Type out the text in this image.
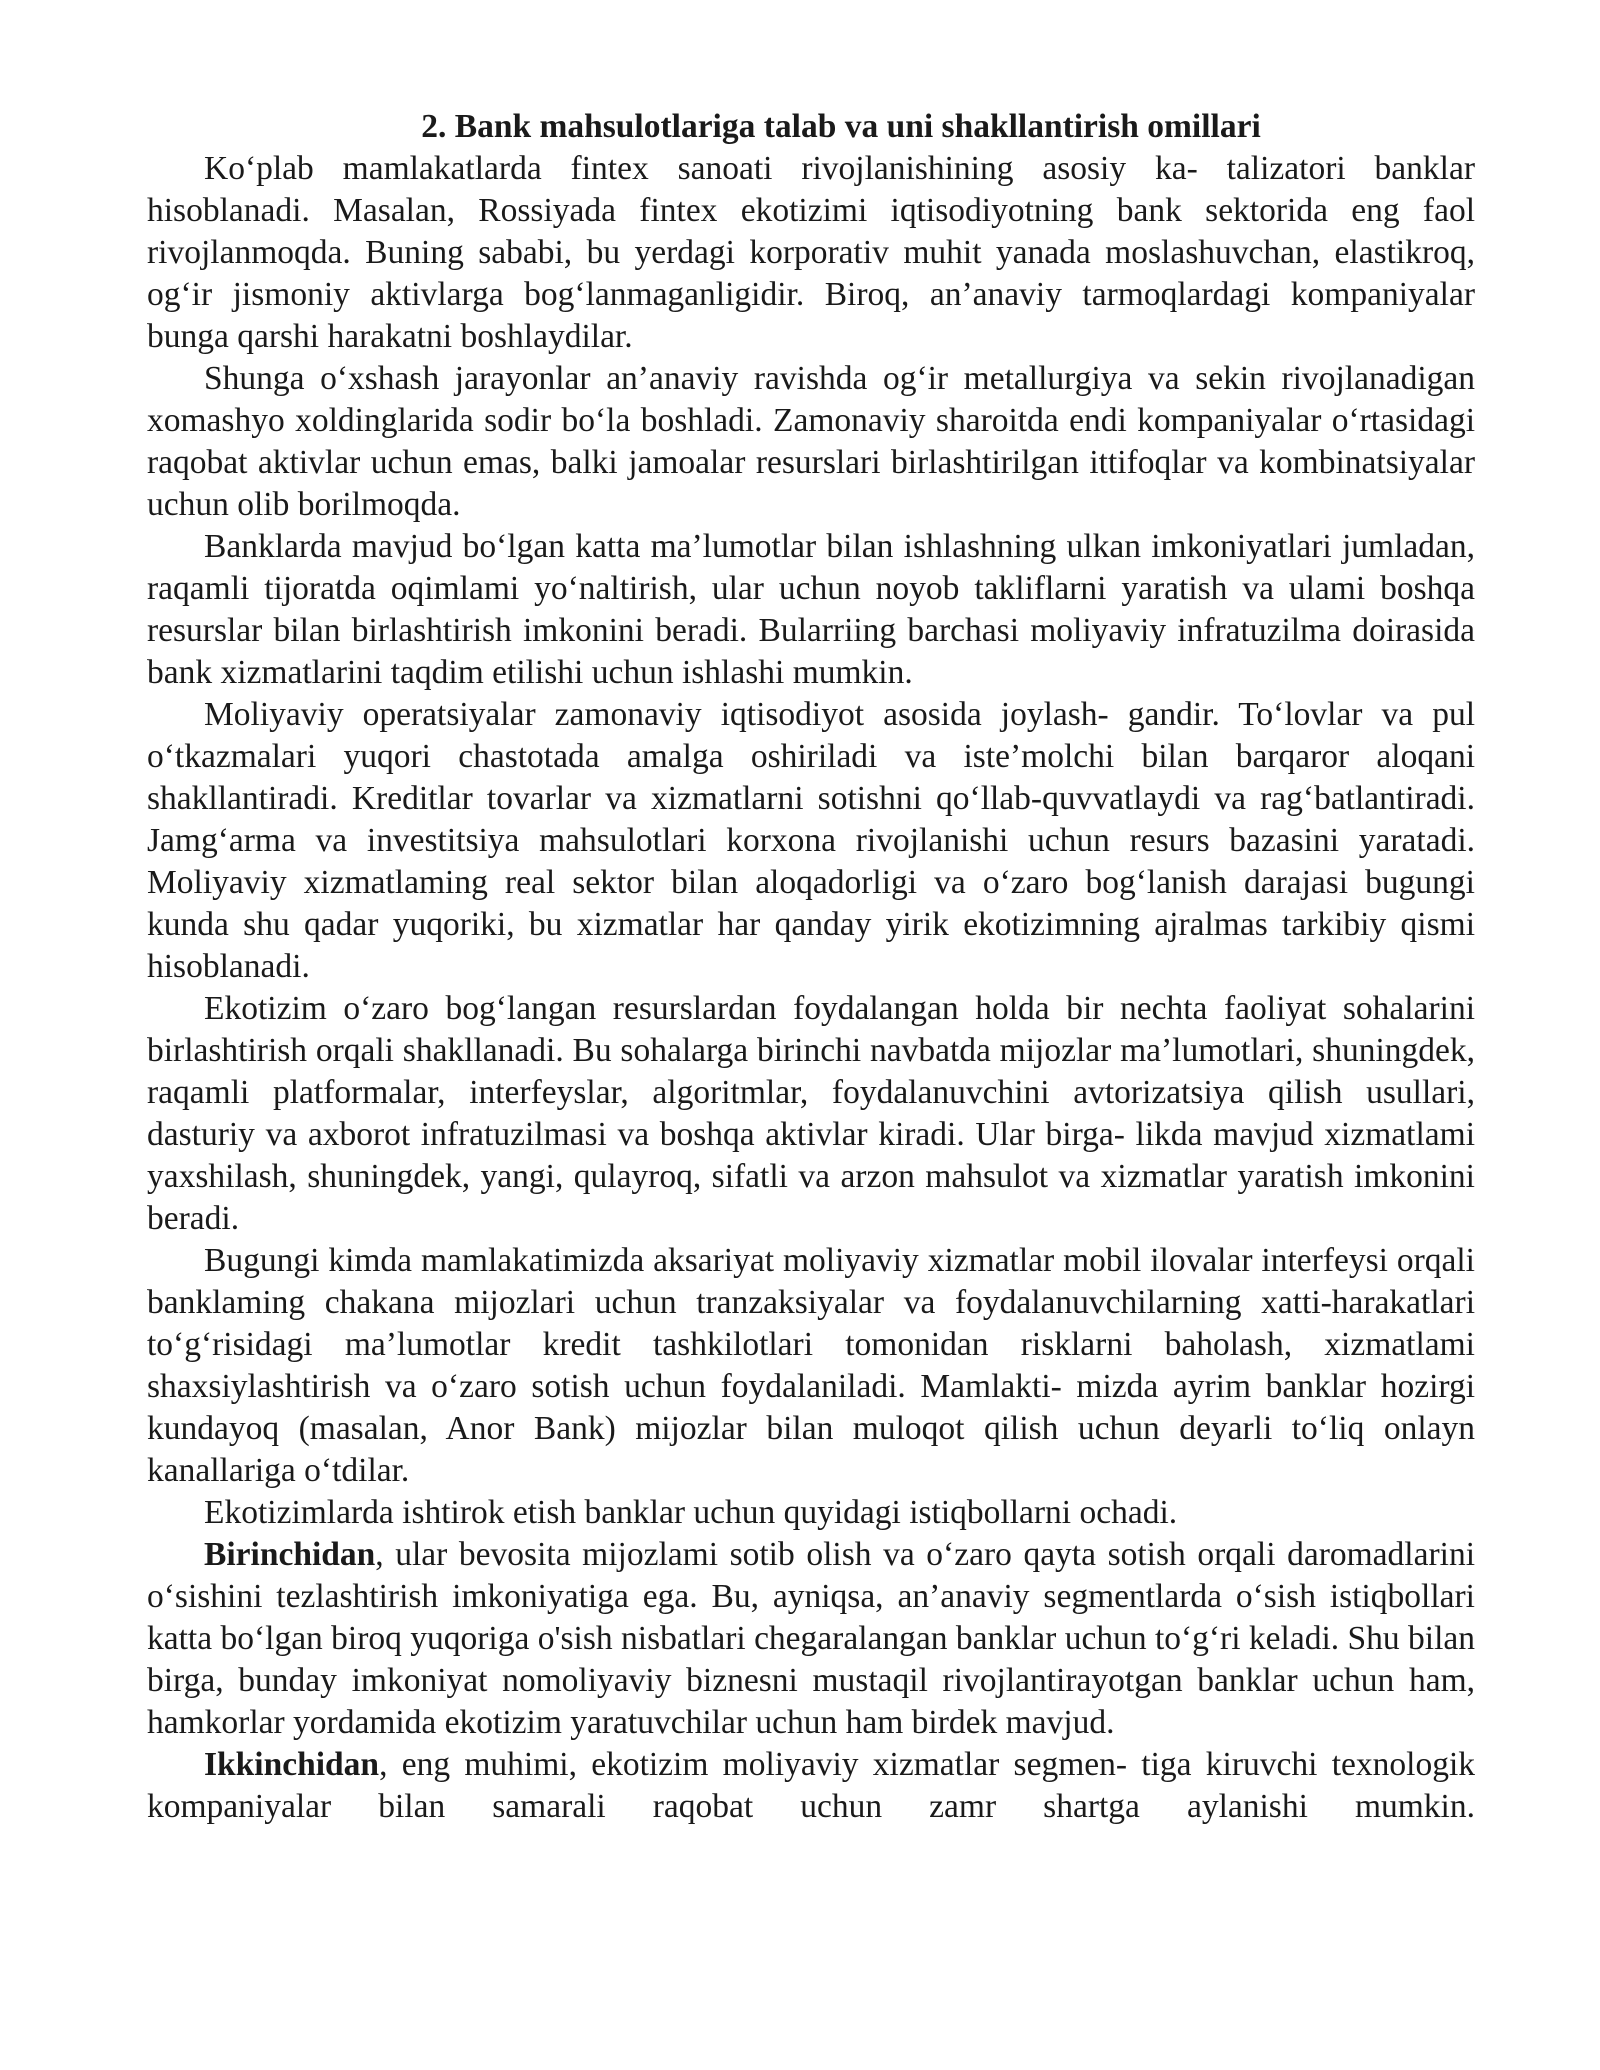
2. Bank mahsulotlariga talab va uni shakllantirish omillari

Ko‘plab mamlakatlarda fintex sanoati rivojlanishining asosiy ka- talizatori banklar hisoblanadi. Masalan, Rossiyada fintex ekotizimi iqtisodiyotning bank sektorida eng faol rivojlanmoqda. Buning sababi, bu yerdagi korporativ muhit yanada moslashuvchan, elastikroq, og‘ir jismoniy aktivlarga bog‘lanmaganligidir. Biroq, an’anaviy tarmoqlardagi kompaniyalar bunga qarshi harakatni boshlaydilar.

Shunga o‘xshash jarayonlar an’anaviy ravishda og‘ir metallurgiya va sekin rivojlanadigan xomashyo xoldinglarida sodir bo‘la boshladi. Zamonaviy sharoitda endi kompaniyalar o‘rtasidagi raqobat aktivlar uchun emas, balki jamoalar resurslari birlashtirilgan ittifoqlar va kombinatsiyalar uchun olib borilmoqda.

Banklarda mavjud bo‘lgan katta ma’lumotlar bilan ishlashning ulkan imkoniyatlari jumladan, raqamli tijoratda oqimlami yo‘naltirish, ular uchun noyob takliflarni yaratish va ulami boshqa resurslar bilan birlashtirish imkonini beradi. Bularriing barchasi moliyaviy infratuzilma doirasida bank xizmatlarini taqdim etilishi uchun ishlashi mumkin.

Moliyaviy operatsiyalar zamonaviy iqtisodiyot asosida joylash- gandir. To‘lovlar va pul o‘tkazmalari yuqori chastotada amalga oshiriladi va iste’molchi bilan barqaror aloqani shakllantiradi. Kreditlar tovarlar va xizmatlarni sotishni qo‘llab-quvvatlaydi va rag‘batlantiradi. Jamg‘arma va investitsiya mahsulotlari korxona rivojlanishi uchun resurs bazasini yaratadi. Moliyaviy xizmatlaming real sektor bilan aloqadorligi va o‘zaro bog‘lanish darajasi bugungi kunda shu qadar yuqoriki, bu xizmatlar har qanday yirik ekotizimning ajralmas tarkibiy qismi hisoblanadi.

Ekotizim o‘zaro bog‘langan resurslardan foydalangan holda bir nechta faoliyat sohalarini birlashtirish orqali shakllanadi. Bu sohalarga birinchi navbatda mijozlar ma’lumotlari, shuningdek, raqamli platformalar, interfeyslar, algoritmlar, foydalanuvchini avtorizatsiya qilish usullari, dasturiy va axborot infratuzilmasi va boshqa aktivlar kiradi. Ular birga- likda mavjud xizmatlami yaxshilash, shuningdek, yangi, qulayroq, sifatli va arzon mahsulot va xizmatlar yaratish imkonini beradi.

Bugungi kimda mamlakatimizda aksariyat moliyaviy xizmatlar mobil ilovalar interfeysi orqali banklaming chakana mijozlari uchun tranzaksiyalar va foydalanuvchilarning xatti-harakatlari to‘g‘risidagi ma’lumotlar kredit tashkilotlari tomonidan risklarni baholash, xizmatlami shaxsiylashtirish va o‘zaro sotish uchun foydalaniladi. Mamlakti- mizda ayrim banklar hozirgi kundayoq (masalan, Anor Bank) mijozlar bilan muloqot qilish uchun deyarli to‘liq onlayn kanallariga o‘tdilar.

Ekotizimlarda ishtirok etish banklar uchun quyidagi istiqbollarni ochadi.

Birinchidan, ular bevosita mijozlami sotib olish va o‘zaro qayta sotish orqali daromadlarini o‘sishini tezlashtirish imkoniyatiga ega. Bu, ayniqsa, an’anaviy segmentlarda o‘sish istiqbollari katta bo‘lgan biroq yuqoriga o'sish nisbatlari chegaralangan banklar uchun to‘g‘ri keladi. Shu bilan birga, bunday imkoniyat nomoliyaviy biznesni mustaqil rivojlantirayotgan banklar uchun ham, hamkorlar yordamida ekotizim yaratuvchilar uchun ham birdek mavjud.

Ikkinchidan, eng muhimi, ekotizim moliyaviy xizmatlar segmen- tiga kiruvchi texnologik kompaniyalar bilan samarali raqobat uchun zamr shartga aylanishi mumkin.
